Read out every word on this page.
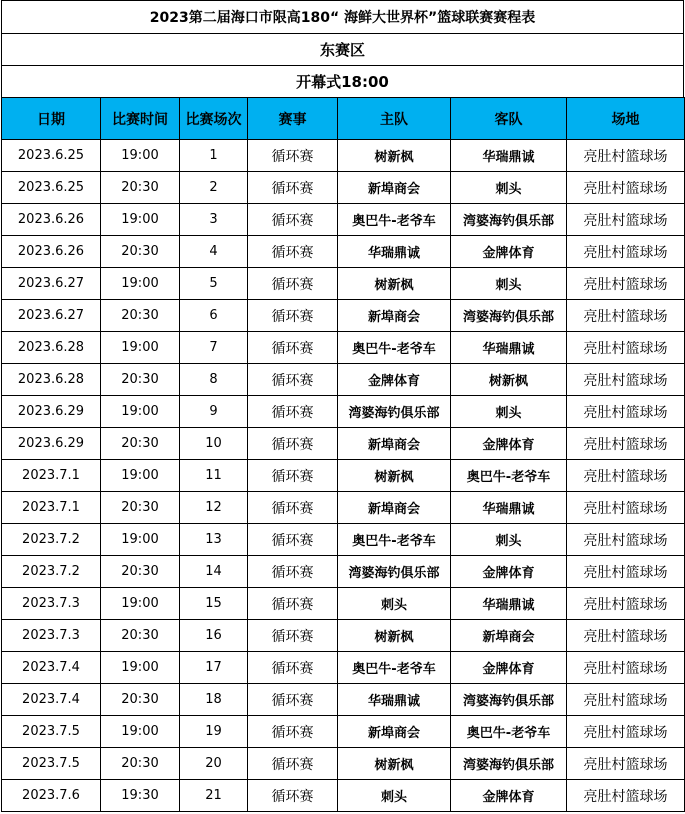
2023第二届海口市限高180“ 海鲜大世界杯”篮球联赛赛程表
东赛区
开幕式18:00
日期	比赛时间	比赛场次	赛事	主队	客队	场地
2023.6.25	19:00	1	循环赛	树新枫	华瑞鼎诚	亮肚村篮球场
2023.6.25	20:30	2	循环赛	新埠商会	刺头	亮肚村篮球场
2023.6.26	19:00	3	循环赛	奥巴牛-老爷车	湾婆海钓俱乐部	亮肚村篮球场
2023.6.26	20:30	4	循环赛	华瑞鼎诚	金牌体育	亮肚村篮球场
2023.6.27	19:00	5	循环赛	树新枫	刺头	亮肚村篮球场
2023.6.27	20:30	6	循环赛	新埠商会	湾婆海钓俱乐部	亮肚村篮球场
2023.6.28	19:00	7	循环赛	奥巴牛-老爷车	华瑞鼎诚	亮肚村篮球场
2023.6.28	20:30	8	循环赛	金牌体育	树新枫	亮肚村篮球场
2023.6.29	19:00	9	循环赛	湾婆海钓俱乐部	刺头	亮肚村篮球场
2023.6.29	20:30	10	循环赛	新埠商会	金牌体育	亮肚村篮球场
2023.7.1	19:00	11	循环赛	树新枫	奥巴牛-老爷车	亮肚村篮球场
2023.7.1	20:30	12	循环赛	新埠商会	华瑞鼎诚	亮肚村篮球场
2023.7.2	19:00	13	循环赛	奥巴牛-老爷车	刺头	亮肚村篮球场
2023.7.2	20:30	14	循环赛	湾婆海钓俱乐部	金牌体育	亮肚村篮球场
2023.7.3	19:00	15	循环赛	刺头	华瑞鼎诚	亮肚村篮球场
2023.7.3	20:30	16	循环赛	树新枫	新埠商会	亮肚村篮球场
2023.7.4	19:00	17	循环赛	奥巴牛-老爷车	金牌体育	亮肚村篮球场
2023.7.4	20:30	18	循环赛	华瑞鼎诚	湾婆海钓俱乐部	亮肚村篮球场
2023.7.5	19:00	19	循环赛	新埠商会	奥巴牛-老爷车	亮肚村篮球场
2023.7.5	20:30	20	循环赛	树新枫	湾婆海钓俱乐部	亮肚村篮球场
2023.7.6	19:30	21	循环赛	刺头	金牌体育	亮肚村篮球场
